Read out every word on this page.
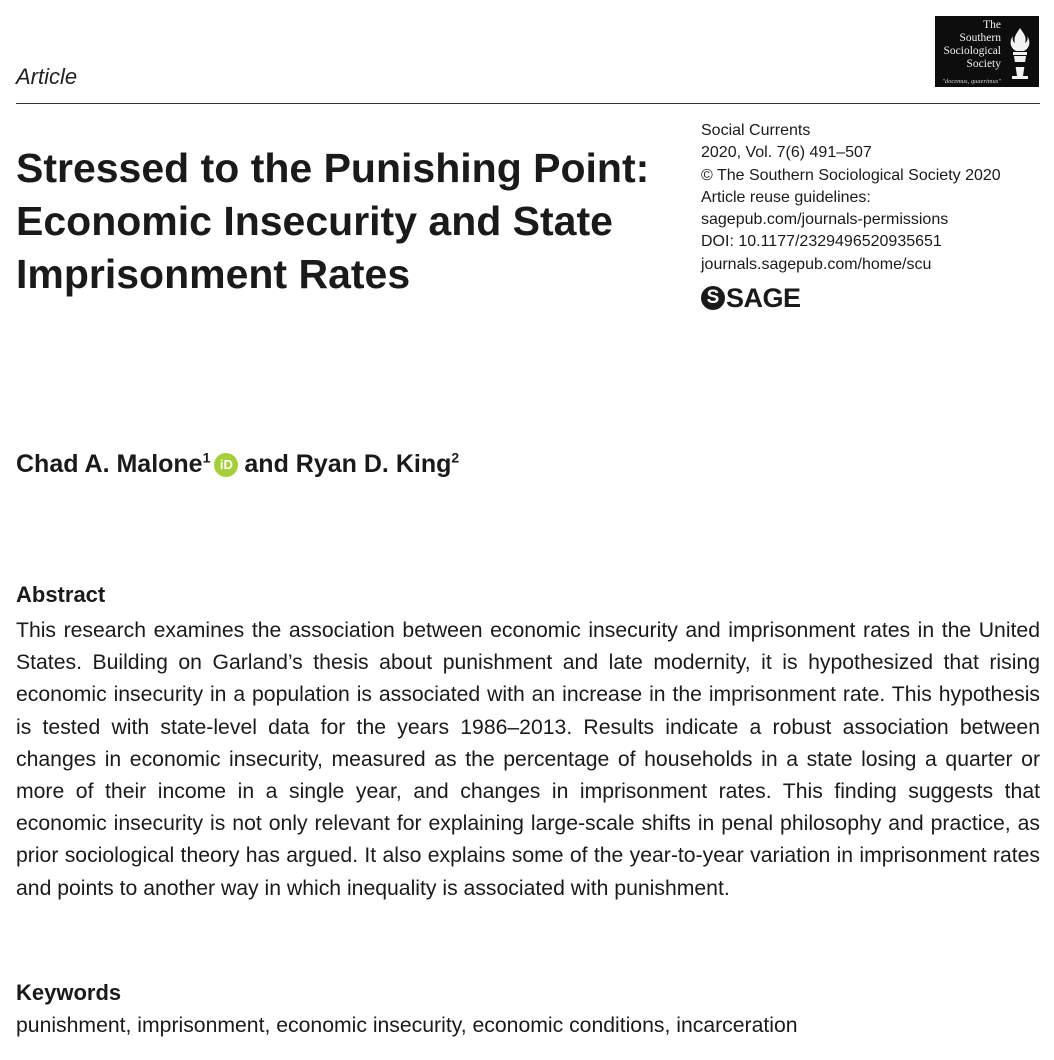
Article
The
Southern
Sociological
Society
"docemus, quaerimus"
Stressed to the Punishing Point: Economic Insecurity and State Imprisonment Rates
Social Currents
2020, Vol. 7(6) 491–507
© The Southern Sociological Society 2020
Article reuse guidelines:
sagepub.com/journals-permissions
DOI: 10.1177/2329496520935651
journals.sagepub.com/home/scu
S SAGE
Chad A. Malone$^1$ iD and Ryan D. King$^2$
Abstract

This research examines the association between economic insecurity and imprisonment rates in the United States. Building on Garland’s thesis about punishment and late modernity, it is hypothesized that rising economic insecurity in a population is associated with an increase in the imprisonment rate. This hypothesis is tested with state-level data for the years 1986–2013. Results indicate a robust association between changes in economic insecurity, measured as the percentage of households in a state losing a quarter or more of their income in a single year, and changes in imprisonment rates. This finding suggests that economic insecurity is not only relevant for explaining large-scale shifts in penal philosophy and practice, as prior sociological theory has argued. It also explains some of the year-to-year variation in imprisonment rates and points to another way in which inequality is associated with punishment.

Keywords

punishment, imprisonment, economic insecurity, economic conditions, incarceration
